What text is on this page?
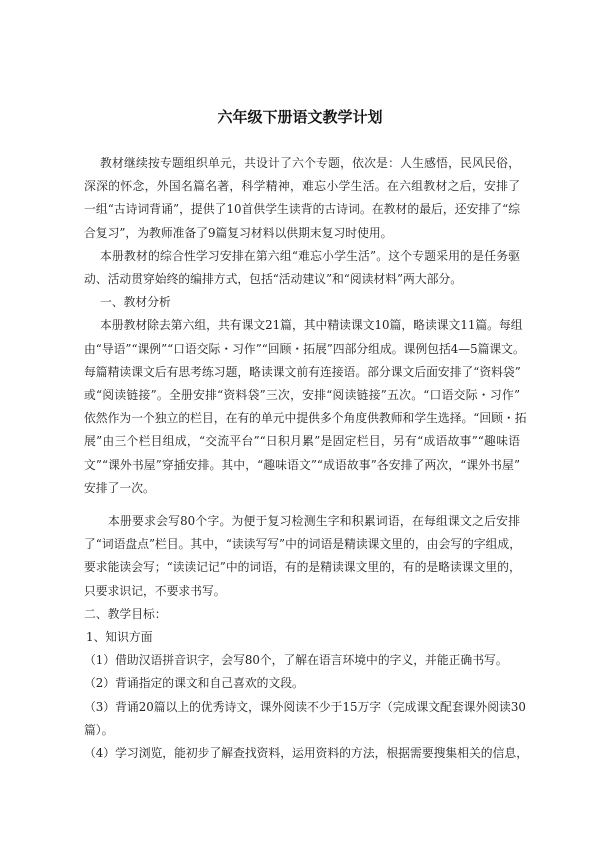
六年级下册语文教学计划
教材继续按专题组织单元，共设计了六个专题，依次是：人生感悟，民风民俗，
深深的怀念，外国名篇名著，科学精神，难忘小学生活。在六组教材之后，安排了
一组“古诗词背诵”，提供了10首供学生读背的古诗词。在教材的最后，还安排了“综
合复习”，为教师准备了9篇复习材料以供期末复习时使用。
本册教材的综合性学习安排在第六组“难忘小学生活”。这个专题采用的是任务驱
动、活动贯穿始终的编排方式，包括“活动建议”和“阅读材料”两大部分。
一、教材分析
本册教材除去第六组，共有课文21篇，其中精读课文10篇，略读课文11篇。每组
由“导语”“课例”“口语交际・习作”“回顾・拓展”四部分组成。课例包括4—5篇课文。
每篇精读课文后有思考练习题，略读课文前有连接语。部分课文后面安排了“资料袋”
或“阅读链接”。全册安排“资料袋”三次，安排“阅读链接”五次。“口语交际・习作”
依然作为一个独立的栏目，在有的单元中提供多个角度供教师和学生选择。“回顾・拓
展”由三个栏目组成，“交流平台”“日积月累”是固定栏目，另有“成语故事”“趣味语
文”“课外书屋”穿插安排。其中，“趣味语文”“成语故事”各安排了两次，“课外书屋”
安排了一次。
本册要求会写80个字。为便于复习检测生字和积累词语，在每组课文之后安排
了“词语盘点”栏目。其中，“读读写写”中的词语是精读课文里的，由会写的字组成，
要求能读会写；“读读记记”中的词语，有的是精读课文里的，有的是略读课文里的，
只要求识记，不要求书写。
二、教学目标：
1、知识方面
（1）借助汉语拼音识字，会写80个，了解在语言环境中的字义，并能正确书写。
（2）背诵指定的课文和自己喜欢的文段。
（3）背诵20篇以上的优秀诗文，课外阅读不少于15万字（完成课文配套课外阅读30
篇）。
（4）学习浏览，能初步了解查找资料，运用资料的方法，根据需要搜集相关的信息，
